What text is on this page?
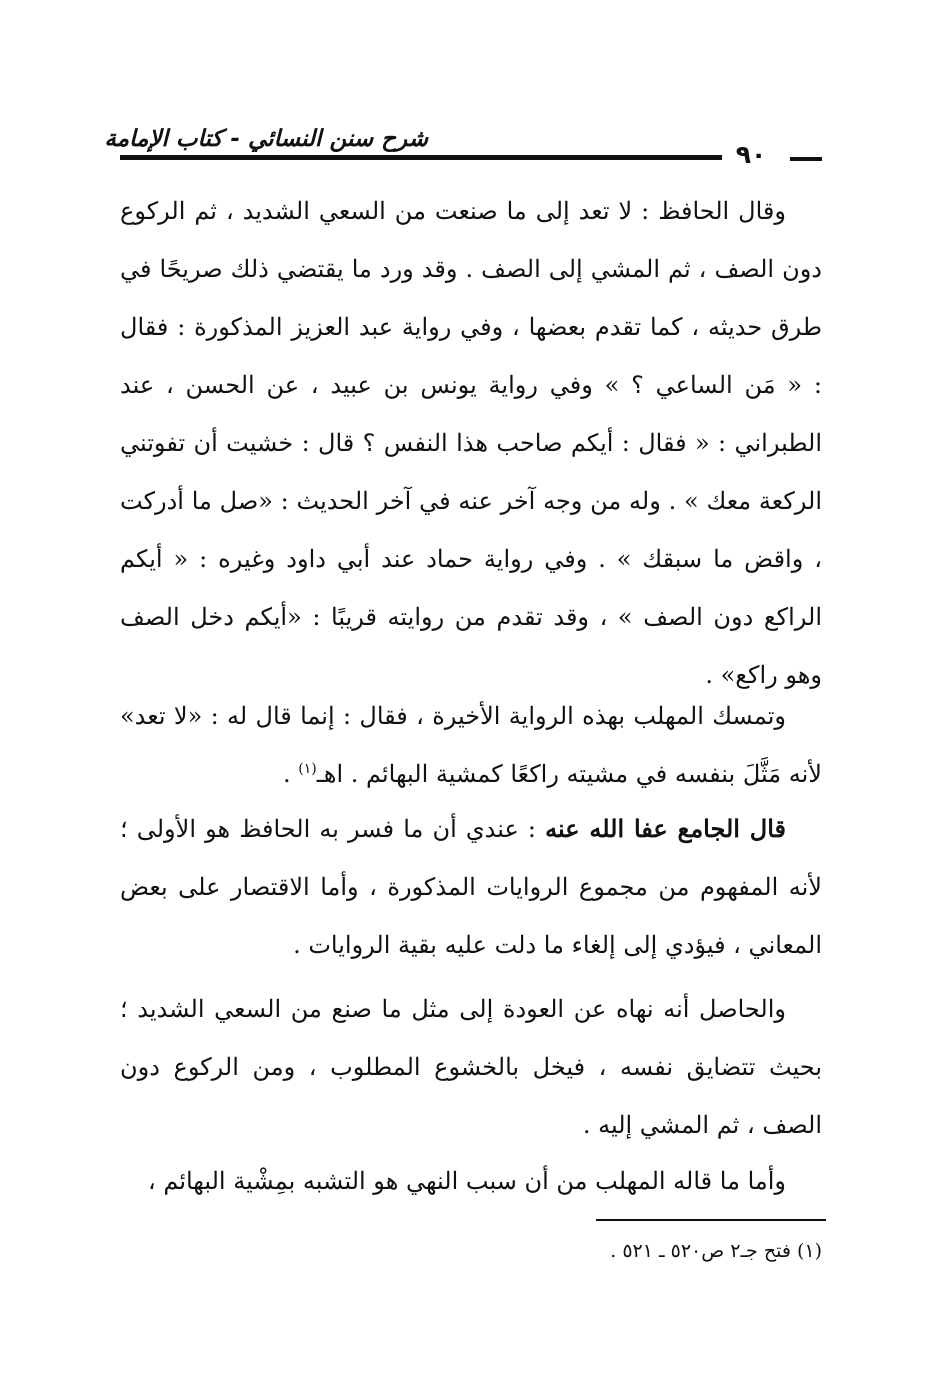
شرح سنن النسائي - كتاب الإمامة
٩٠
وقال الحافظ : لا تعد إلى ما صنعت من السعي الشديد ، ثم الركوع دون الصف ، ثم المشي إلى الصف . وقد ورد ما يقتضي ذلك صريحًا في طرق حديثه ، كما تقدم بعضها ، وفي رواية عبد العزيز المذكورة : فقال : « مَن الساعي ؟ » وفي رواية يونس بن عبيد ، عن الحسن ، عند الطبراني : « فقال : أيكم صاحب هذا النفس ؟ قال : خشيت أن تفوتني الركعة معك » . وله من وجه آخر عنه في آخر الحديث : «صل ما أدركت ، واقض ما سبقك » . وفي رواية حماد عند أبي داود وغيره : « أيكم الراكع دون الصف » ، وقد تقدم من روايته قريبًا : «أيكم دخل الصف وهو راكع» .
وتمسك المهلب بهذه الرواية الأخيرة ، فقال : إنما قال له : «لا تعد» لأنه مَثَّلَ بنفسه في مشيته راكعًا كمشية البهائم . اهـ$^{(١)}$ .
قال الجامع عفا الله عنه : عندي أن ما فسر به الحافظ هو الأولى ؛ لأنه المفهوم من مجموع الروايات المذكورة ، وأما الاقتصار على بعض المعاني ، فيؤدي إلى إلغاء ما دلت عليه بقية الروايات .
والحاصل أنه نهاه عن العودة إلى مثل ما صنع من السعي الشديد ؛ بحيث تتضايق نفسه ، فيخل بالخشوع المطلوب ، ومن الركوع دون الصف ، ثم المشي إليه .
وأما ما قاله المهلب من أن سبب النهي هو التشبه بمِشْية البهائم ،
(١) فتح جـ٢ ص٥٢٠ ـ ٥٢١ .
